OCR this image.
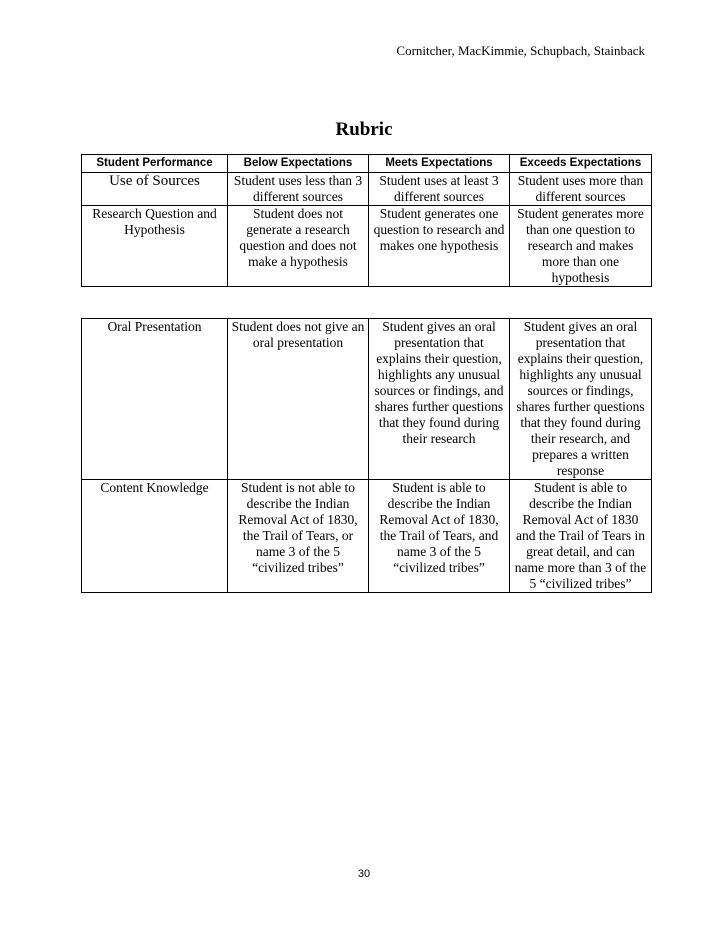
Cornitcher, MacKimmie, Schupbach, Stainback
Rubric
Student Performance	Below Expectations	Meets Expectations	Exceeds Expectations
Use of Sources	Student uses less than 3 different sources	Student uses at least 3 different sources	Student uses more than different sources
Research Question and Hypothesis	Student does not generate a research question and does not make a hypothesis	Student generates one question to research and makes one hypothesis	Student generates more than one question to research and makes more than one hypothesis
Oral Presentation	Student does not give an oral presentation	Student gives an oral presentation that explains their question, highlights any unusual sources or findings, and shares further questions that they found during their research	Student gives an oral presentation that explains their question, highlights any unusual sources or findings, shares further questions that they found during their research, and prepares a written response
Content Knowledge	Student is not able to describe the Indian Removal Act of 1830, the Trail of Tears, or name 3 of the 5 “civilized tribes”	Student is able to describe the Indian Removal Act of 1830, the Trail of Tears, and name 3 of the 5 “civilized tribes”	Student is able to describe the Indian Removal Act of 1830 and the Trail of Tears in great detail, and can name more than 3 of the 5 “civilized tribes”
30
